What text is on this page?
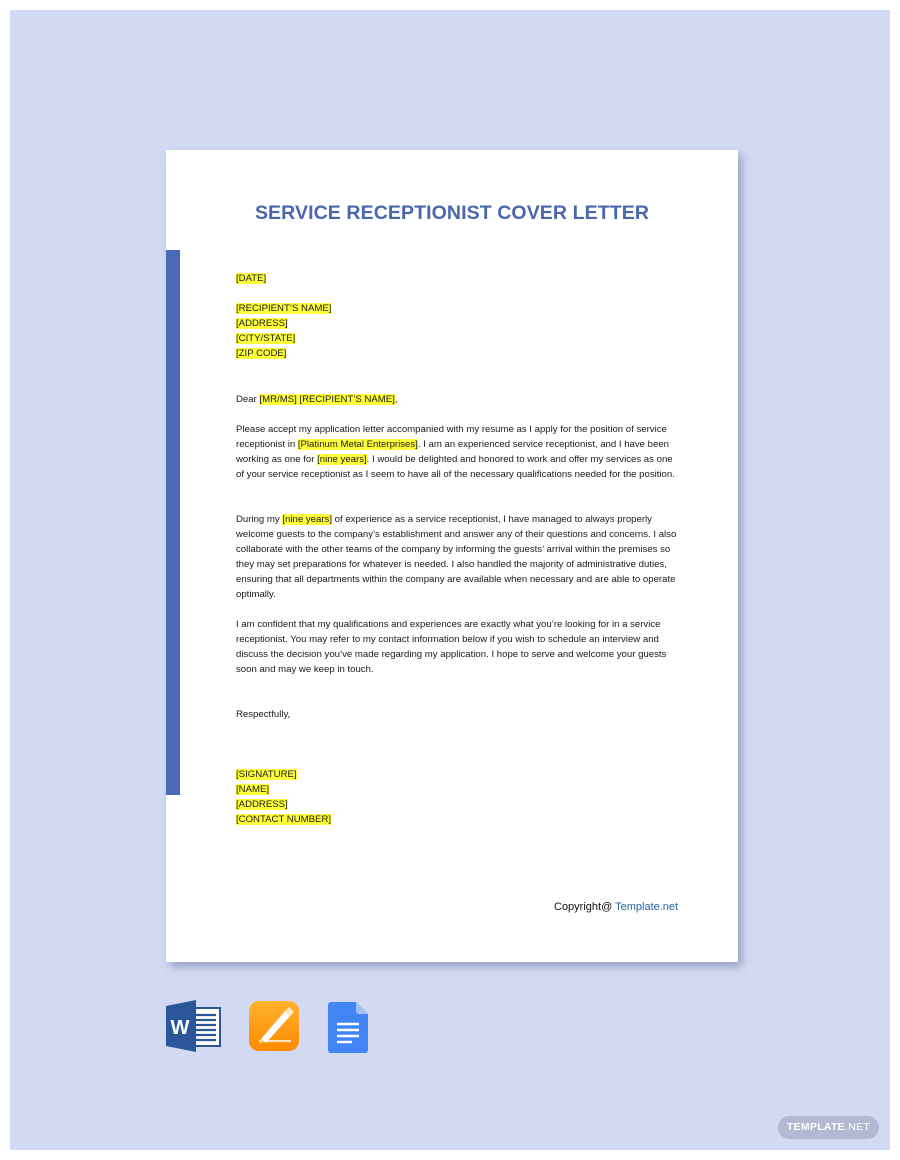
SERVICE RECEPTIONIST COVER LETTER
[DATE]
[RECIPIENT’S NAME]
[ADDRESS]
[CITY/STATE]
[ZIP CODE]
Dear [MR/MS] [RECIPIENT’S NAME],
Please accept my application letter accompanied with my resume as I apply for the position of service receptionist in [Platinum Metal Enterprises]. I am an experienced service receptionist, and I have been working as one for [nine years]. I would be delighted and honored to work and offer my services as one of your service receptionist as I seem to have all of the necessary qualifications needed for the position.
During my [nine years] of experience as a service receptionist, I have managed to always properly welcome guests to the company’s establishment and answer any of their questions and concerns. I also collaborate with the other teams of the company by informing the guests’ arrival within the premises so they may set preparations for whatever is needed. I also handled the majority of administrative duties, ensuring that all departments within the company are available when necessary and are able to operate optimally.
I am confident that my qualifications and experiences are exactly what you’re looking for in a service receptionist. You may refer to my contact information below if you wish to schedule an interview and discuss the decision you’ve made regarding my application. I hope to serve and welcome your guests soon and may we keep in touch.
Respectfully,
[SIGNATURE]
[NAME]
[ADDRESS]
[CONTACT NUMBER]
Copyright@ Template.net
W
TEMPLATE.NET
